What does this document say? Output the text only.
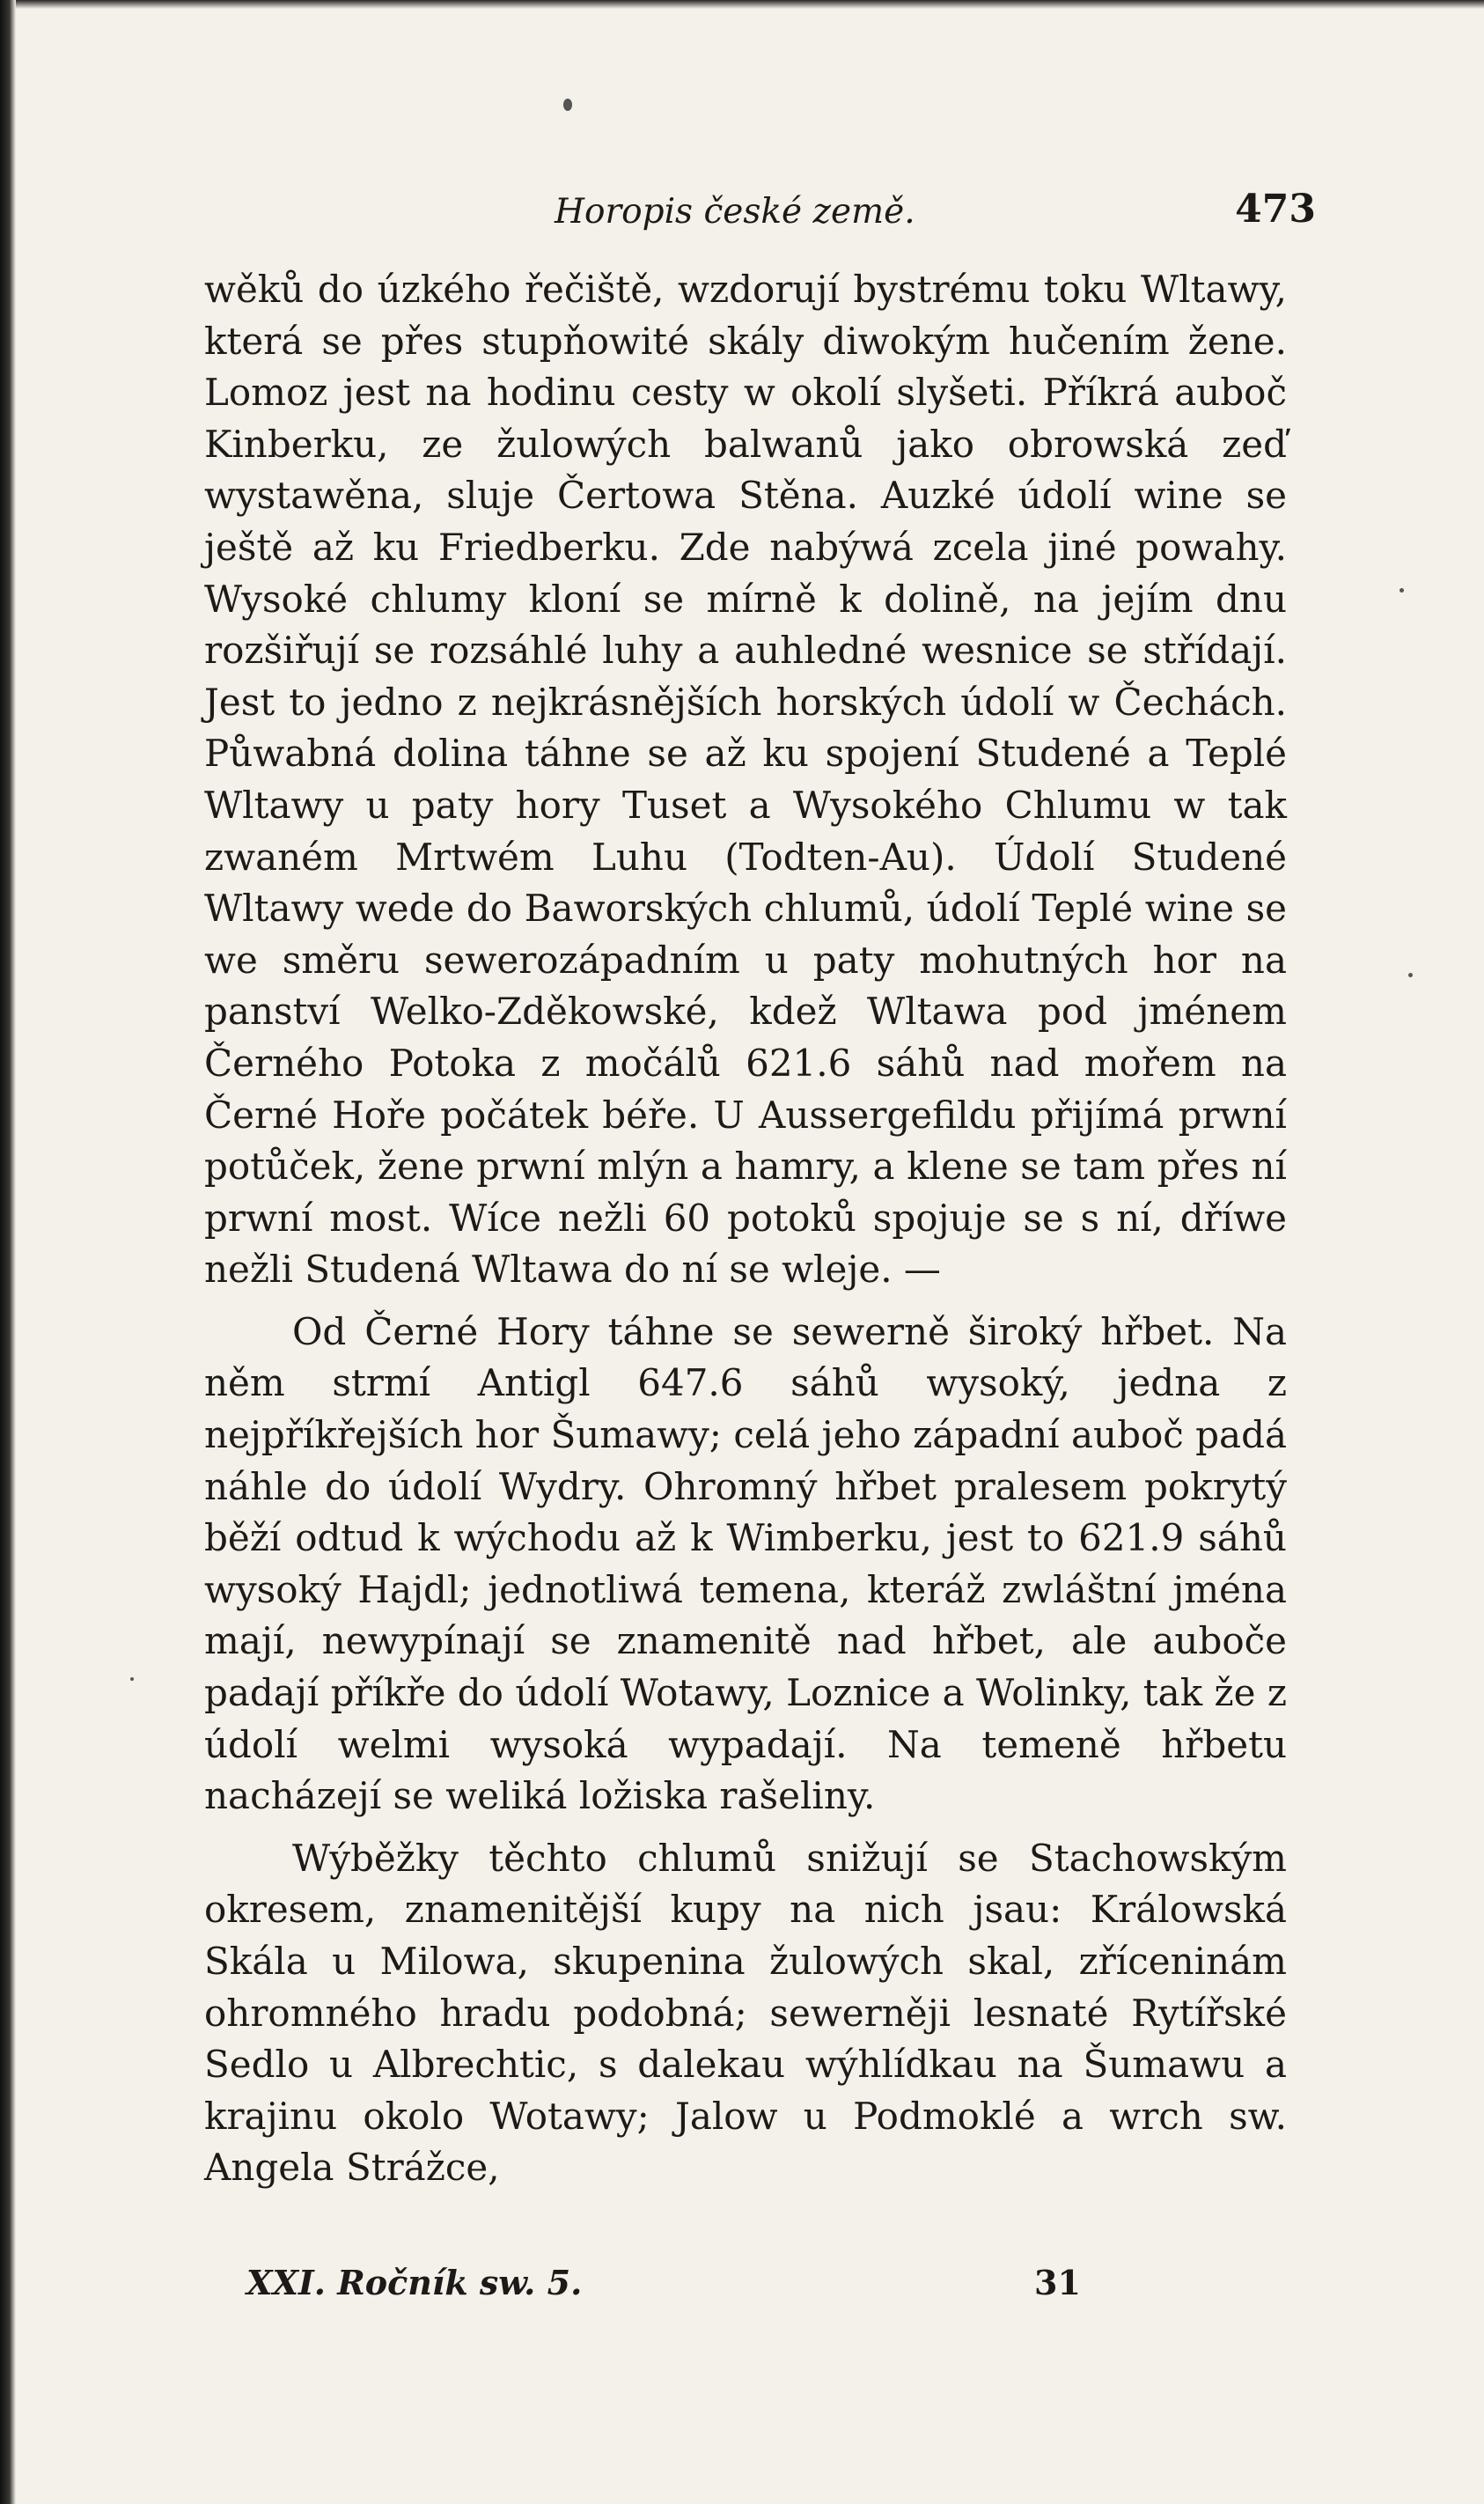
Horopis české země.	473

wěků do úzkého řečiště, wzdorují bystrému toku Wltawy, která se přes stupňowité skály diwokým hučením žene. Lomoz jest na hodinu cesty w okolí slyšeti. Příkrá auboč Kinberku, ze žulowých balwanů jako obrowská zeď wystawěna, sluje Čertowa Stěna. Auzké údolí wine se ještě až ku Friedberku. Zde nabýwá zcela jiné powahy. Wysoké chlumy kloní se mírně k dolině, na jejím dnu rozšiřují se rozsáhlé luhy a auhledné wesnice se střídají. Jest to jedno z nejkrásnějších horských údolí w Čechách. Půwabná dolina táhne se až ku spojení Studené a Teplé Wltawy u paty hory Tuset a Wysokého Chlumu w tak zwaném Mrtwém Luhu (Todten-Au). Údolí Studené Wltawy wede do Baworských chlumů, údolí Teplé wine se we směru sewerozápadním u paty mohutných hor na panství Welko-Zděkowské, kdež Wltawa pod jménem Černého Potoka z močálů 621.6 sáhů nad mořem na Černé Hoře počátek béře. U Aussergefildu přijímá prwní potůček, žene prwní mlýn a hamry, a klene se tam přes ní prwní most. Wíce nežli 60 potoků spojuje se s ní, dříwe nežli Studená Wltawa do ní se wleje. —

Od Černé Hory táhne se sewerně široký hřbet. Na něm strmí Antigl 647.6 sáhů wysoký, jedna z nejpříkřejších hor Šumawy; celá jeho západní auboč padá náhle do údolí Wydry. Ohromný hřbet pralesem pokrytý běží odtud k wýchodu až k Wimberku, jest to 621.9 sáhů wysoký Hajdl; jednotliwá temena, kteráž zwláštní jména mají, newypínají se znamenitě nad hřbet, ale auboče padají příkře do údolí Wotawy, Loznice a Wolinky, tak že z údolí welmi wysoká wypadají. Na temeně hřbetu nacházejí se weliká ložiska rašeliny.

Wýběžky těchto chlumů snižují se Stachowským okresem, znamenitější kupy na nich jsau: Králowská Skála u Milowa, skupenina žulowých skal, zříceninám ohromného hradu podobná; sewerněji lesnaté Rytířské Sedlo u Albrechtic, s dalekau wýhlídkau na Šumawu a krajinu okolo Wotawy; Jalow u Podmoklé a wrch sw. Angela Strážce,

XXI. Ročník sw. 5.	31
